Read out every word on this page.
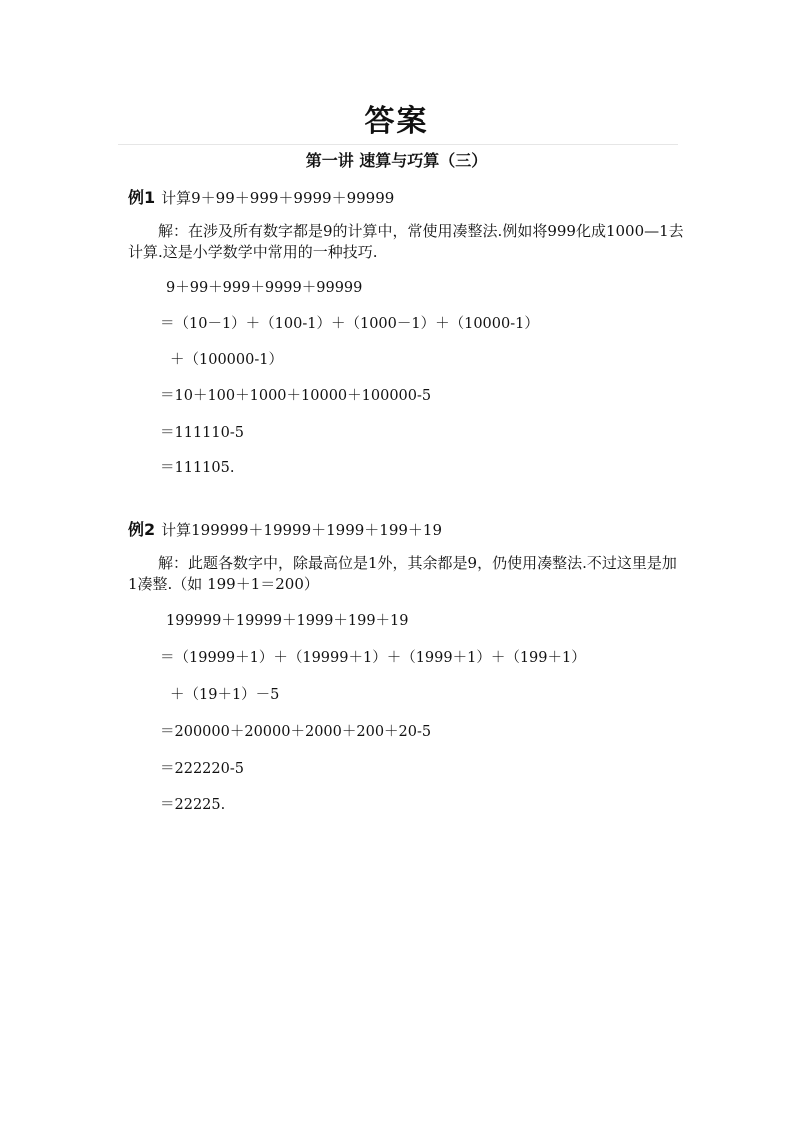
答案
第一讲 速算与巧算（三）
例1 计算9＋99＋999＋9999＋99999
解：在涉及所有数字都是9的计算中，常使用凑整法.例如将999化成1000—1去计算.这是小学数学中常用的一种技巧.
9＋99＋999＋9999＋99999
＝（10－1）＋（100-1）＋（1000－1）＋（10000-1）
＋（100000-1）
＝10＋100＋1000＋10000＋100000-5
＝111110-5
＝111105.
例2 计算199999＋19999＋1999＋199＋19
解：此题各数字中，除最高位是1外，其余都是9，仍使用凑整法.不过这里是加1凑整.（如 199＋1＝200）
199999＋19999＋1999＋199＋19
＝（19999＋1）＋（19999＋1）＋（1999＋1）＋（199＋1）
＋（19＋1）－5
＝200000＋20000＋2000＋200＋20-5
＝222220-5
＝22225.
